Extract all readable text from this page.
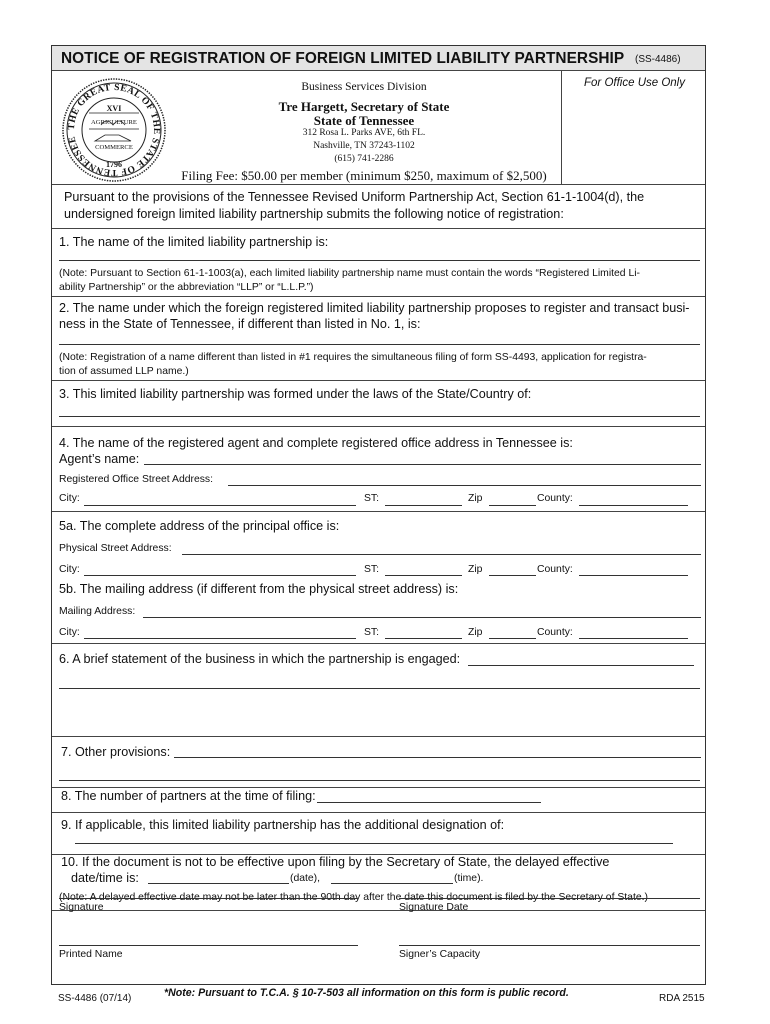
NOTICE OF REGISTRATION OF FOREIGN LIMITED LIABILITY PARTNERSHIP (SS-4486)
THE GREAT SEAL OF THE STATE OF TENNESSEE
XVI
AGRICULTURE
COMMERCE
1796
Business Services Division
Tre Hargett, Secretary of State
State of Tennessee
312 Rosa L. Parks AVE, 6th FL.
Nashville, TN 37243-1102
(615) 741-2286
Filing Fee: $50.00 per member (minimum $250, maximum of $2,500)
For Office Use Only
Pursuant to the provisions of the Tennessee Revised Uniform Partnership Act, Section 61-1-1004(d), the
undersigned foreign limited liability partnership submits the following notice of registration:
1. The name of the limited liability partnership is:
(Note: Pursuant to Section 61-1-1003(a), each limited liability partnership name must contain the words “Registered Limited Li-
ability Partnership” or the abbreviation “LLP” or “L.L.P.”)
2. The name under which the foreign registered limited liability partnership proposes to register and transact busi-
ness in the State of Tennessee, if different than listed in No. 1, is:
(Note: Registration of a name different than listed in #1 requires the simultaneous filing of form SS-4493, application for registra-
tion of assumed LLP name.)
3. This limited liability partnership was formed under the laws of the State/Country of:
4. The name of the registered agent and complete registered office address in Tennessee is:
Agent’s name:
Registered Office Street Address:
City:	ST:	Zip	County:
5a. The complete address of the principal office is:
Physical Street Address:
City:	ST:	Zip	County:
5b. The mailing address (if different from the physical street address) is:
Mailing Address:
City:	ST:	Zip	County:
6. A brief statement of the business in which the partnership is engaged:
7. Other provisions:
8. The number of partners at the time of filing:
9. If applicable, this limited liability partnership has the additional designation of:
10. If the document is not to be effective upon filing by the Secretary of State, the delayed effective
date/time is:	(date),	(time).
(Note: A delayed effective date may not be later than the 90th day after the date this document is filed by the Secretary of State.)
Signature	Signature Date
Printed Name	Signer’s Capacity
SS-4486 (07/14)	*Note: Pursuant to T.C.A. § 10-7-503 all information on this form is public record.	RDA 2515
